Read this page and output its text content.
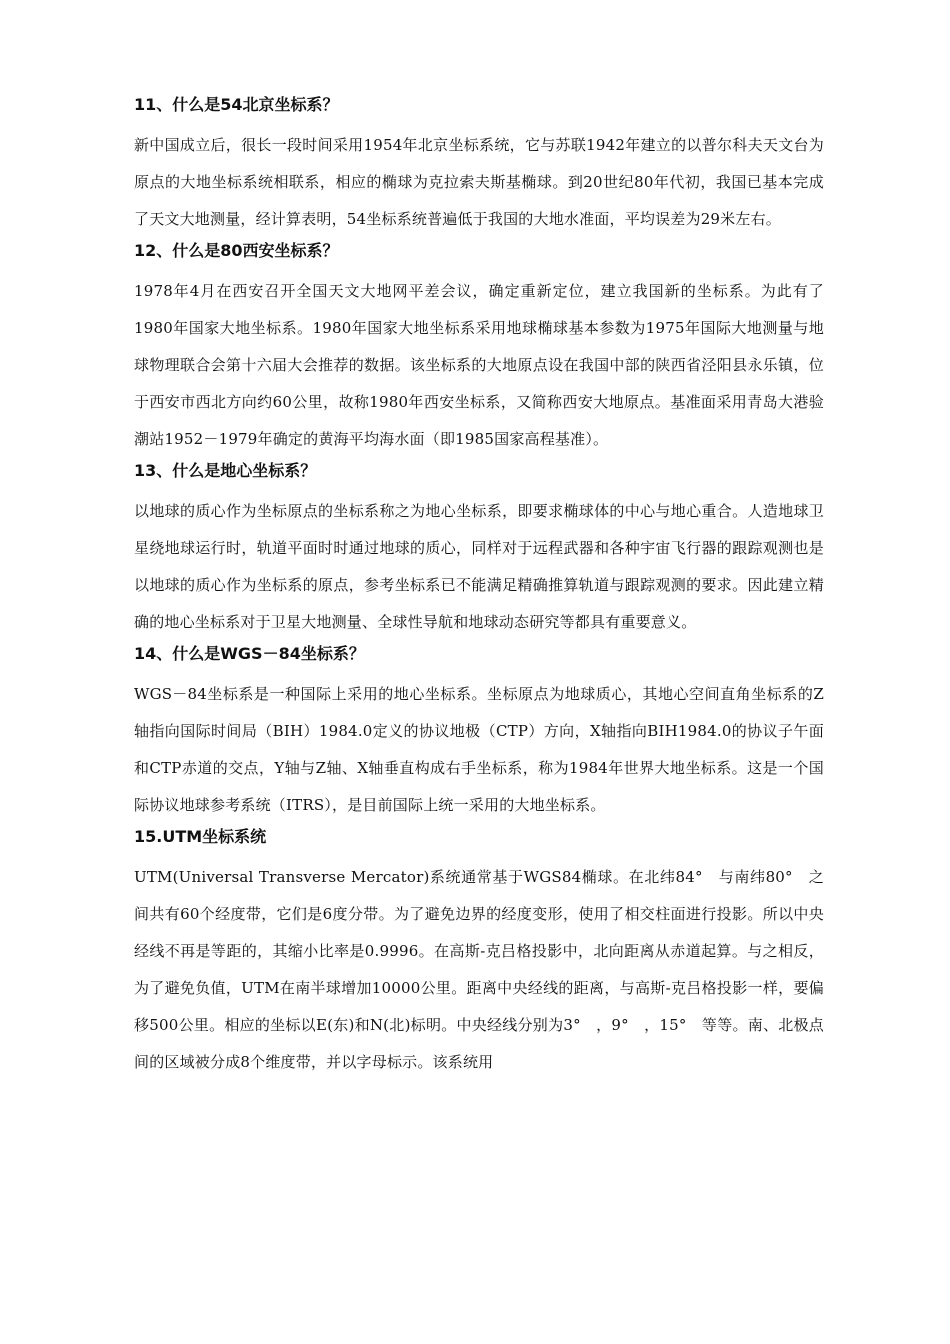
11、什么是54北京坐标系？

新中国成立后，很长一段时间采用1954年北京坐标系统，它与苏联1942年建立的以普尔科夫天文台为原点的大地坐标系统相联系，相应的椭球为克拉索夫斯基椭球。到20世纪80年代初，我国已基本完成了天文大地测量，经计算表明，54坐标系统普遍低于我国的大地水准面，平均误差为29米左右。

12、什么是80西安坐标系？

1978年4月在西安召开全国天文大地网平差会议，确定重新定位，建立我国新的坐标系。为此有了1980年国家大地坐标系。1980年国家大地坐标系采用地球椭球基本参数为1975年国际大地测量与地球物理联合会第十六届大会推荐的数据。该坐标系的大地原点设在我国中部的陕西省泾阳县永乐镇，位于西安市西北方向约60公里，故称1980年西安坐标系，又简称西安大地原点。基准面采用青岛大港验潮站1952－1979年确定的黄海平均海水面（即1985国家高程基准）。

13、什么是地心坐标系？

以地球的质心作为坐标原点的坐标系称之为地心坐标系，即要求椭球体的中心与地心重合。人造地球卫星绕地球运行时，轨道平面时时通过地球的质心，同样对于远程武器和各种宇宙飞行器的跟踪观测也是以地球的质心作为坐标系的原点，参考坐标系已不能满足精确推算轨道与跟踪观测的要求。因此建立精确的地心坐标系对于卫星大地测量、全球性导航和地球动态研究等都具有重要意义。

14、什么是WGS－84坐标系？

WGS－84坐标系是一种国际上采用的地心坐标系。坐标原点为地球质心，其地心空间直角坐标系的Z轴指向国际时间局（BIH）1984.0定义的协议地极（CTP）方向，X轴指向BIH1984.0的协议子午面和CTP赤道的交点，Y轴与Z轴、X轴垂直构成右手坐标系，称为1984年世界大地坐标系。这是一个国际协议地球参考系统（ITRS），是目前国际上统一采用的大地坐标系。

15.UTM坐标系统

UTM(Universal Transverse Mercator)系统通常基于WGS84椭球。在北纬84°　与南纬80°　之间共有60个经度带，它们是6度分带。为了避免边界的经度变形，使用了相交柱面进行投影。所以中央经线不再是等距的，其缩小比率是0.9996。在高斯-克吕格投影中，北向距离从赤道起算。与之相反，为了避免负值，UTM在南半球增加10000公里。距离中央经线的距离，与高斯-克吕格投影一样，要偏移500公里。相应的坐标以E(东)和N(北)标明。中央经线分别为3°　，9°　，15°　等等。南、北极点间的区域被分成8个维度带，并以字母标示。该系统用
